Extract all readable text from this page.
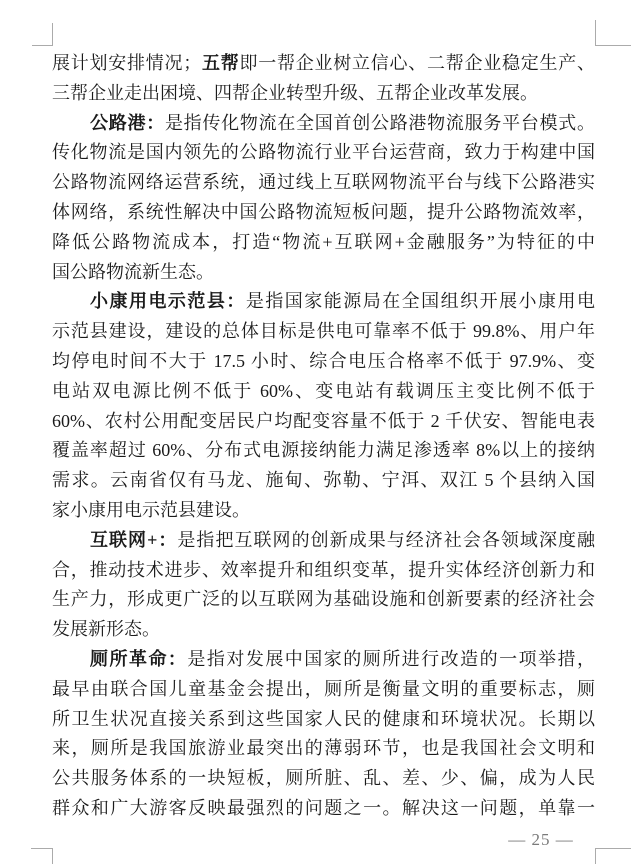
展计划安排情况；五帮即一帮企业树立信心、二帮企业稳定生产、
三帮企业走出困境、四帮企业转型升级、五帮企业改革发展。
公路港：是指传化物流在全国首创公路港物流服务平台模式。
传化物流是国内领先的公路物流行业平台运营商，致力于构建中国
公路物流网络运营系统，通过线上互联网物流平台与线下公路港实
体网络，系统性解决中国公路物流短板问题，提升公路物流效率，
降低公路物流成本，打造“物流+互联网+金融服务”为特征的中
国公路物流新生态。
小康用电示范县：是指国家能源局在全国组织开展小康用电
示范县建设，建设的总体目标是供电可靠率不低于 99.8%、用户年
均停电时间不大于 17.5 小时、综合电压合格率不低于 97.9%、变
电站双电源比例不低于 60%、变电站有载调压主变比例不低于
60%、农村公用配变居民户均配变容量不低于 2 千伏安、智能电表
覆盖率超过 60%、分布式电源接纳能力满足渗透率 8%以上的接纳
需求。云南省仅有马龙、施甸、弥勒、宁洱、双江 5 个县纳入国
家小康用电示范县建设。
互联网+：是指把互联网的创新成果与经济社会各领域深度融
合，推动技术进步、效率提升和组织变革，提升实体经济创新力和
生产力，形成更广泛的以互联网为基础设施和创新要素的经济社会
发展新形态。
厕所革命：是指对发展中国家的厕所进行改造的一项举措，
最早由联合国儿童基金会提出，厕所是衡量文明的重要标志，厕
所卫生状况直接关系到这些国家人民的健康和环境状况。长期以
来，厕所是我国旅游业最突出的薄弱环节，也是我国社会文明和
公共服务体系的一块短板，厕所脏、乱、差、少、偏，成为人民
群众和广大游客反映最强烈的问题之一。解决这一问题，单靠一
— 25 —
